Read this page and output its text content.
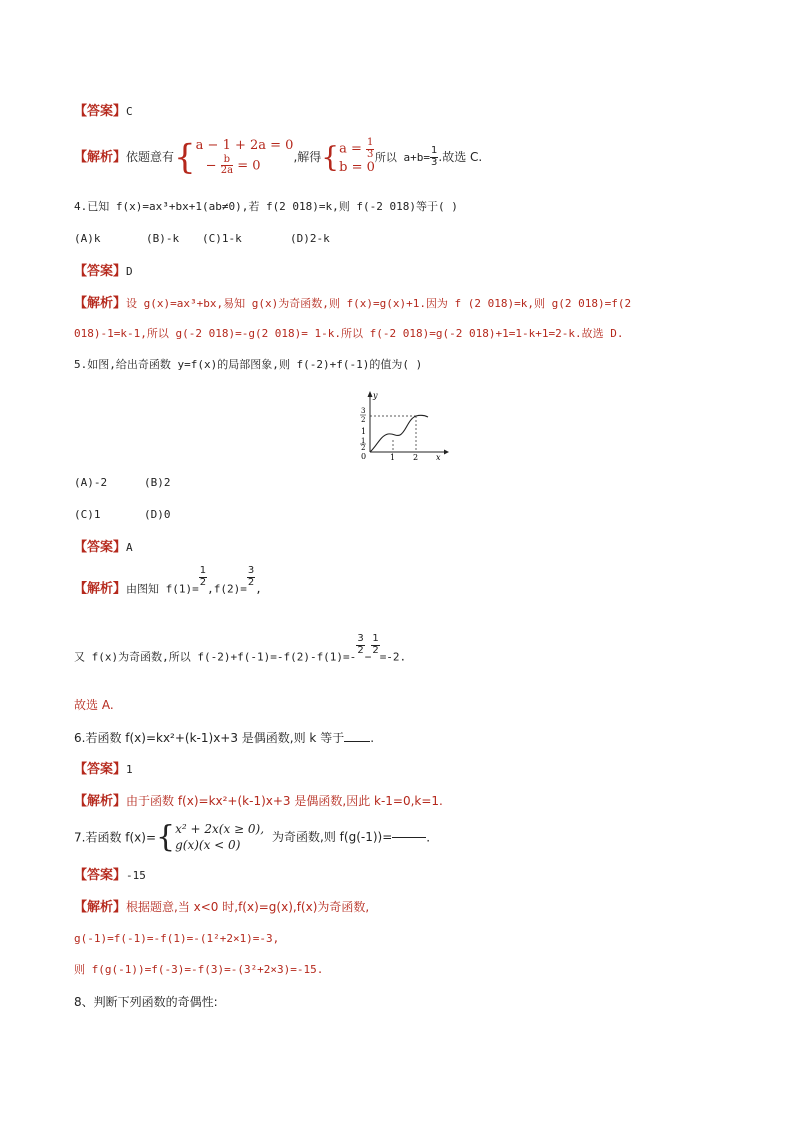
【答案】C
【解析】依题意有{ a − 1 + 2a = 0
− $\frac{b}{2a} = 0$
,解得{ $a = \frac{1}{3}$
b = 0
所以 $a+b= \frac{1}{3}$ .故选 C.
4.已知 f(x)=ax³+bx+1(ab≠0),若 f(2 018)=k,则 f(-2 018)等于( )
(A)k	(B)-k (C)1-k	(D)2-k
【答案】D
【解析】设 g(x)=ax³+bx,易知 g(x)为奇函数,则 f(x)=g(x)+1.因为 f (2 018)=k,则 g(2 018)=f(2
018)-1=k-1,所以 g(-2 018)=-g(2 018)= 1-k.所以 f(-2 018)=g(-2 018)+1=1-k+1=2-k.故选 D.
5.如图,给出奇函数 y=f(x)的局部图象,则 f(-2)+f(-1)的值为( )
y
x
0	1 2
1
1
2
3
2
(A)-2	(B)2
(C)1	(D)0
【答案】A
【解析】由图知 f(1)=
$\frac{1}{2}$
,f(2)=
$\frac{3}{2}$
,
又 f(x)为奇函数,所以 f(-2)+f(-1)=-f(2)-f(1)=-
$\frac{3}{2}$
−
$\frac{1}{2}$
=-2.
故选 A.
6.若函数 f(x)=kx²+(k-1)x+3 是偶函数,则 k 等于 .
【答案】1
【解析】由于函数 f(x)=kx²+(k-1)x+3 是偶函数,因此 k-1=0,k=1.
7.若函数 f(x)={ x² + 2x(x ≥ 0),
g(x)(x < 0)
为奇函数,则 f(g(-1))=	.
【答案】-15
【解析】根据题意,当 x<0 时,f(x)=g(x),f(x)为奇函数,
g(-1)=f(-1)=-f(1)=-(1²+2×1)=-3,
则 f(g(-1))=f(-3)=-f(3)=-(3²+2×3)=-15.
8、判断下列函数的奇偶性:
